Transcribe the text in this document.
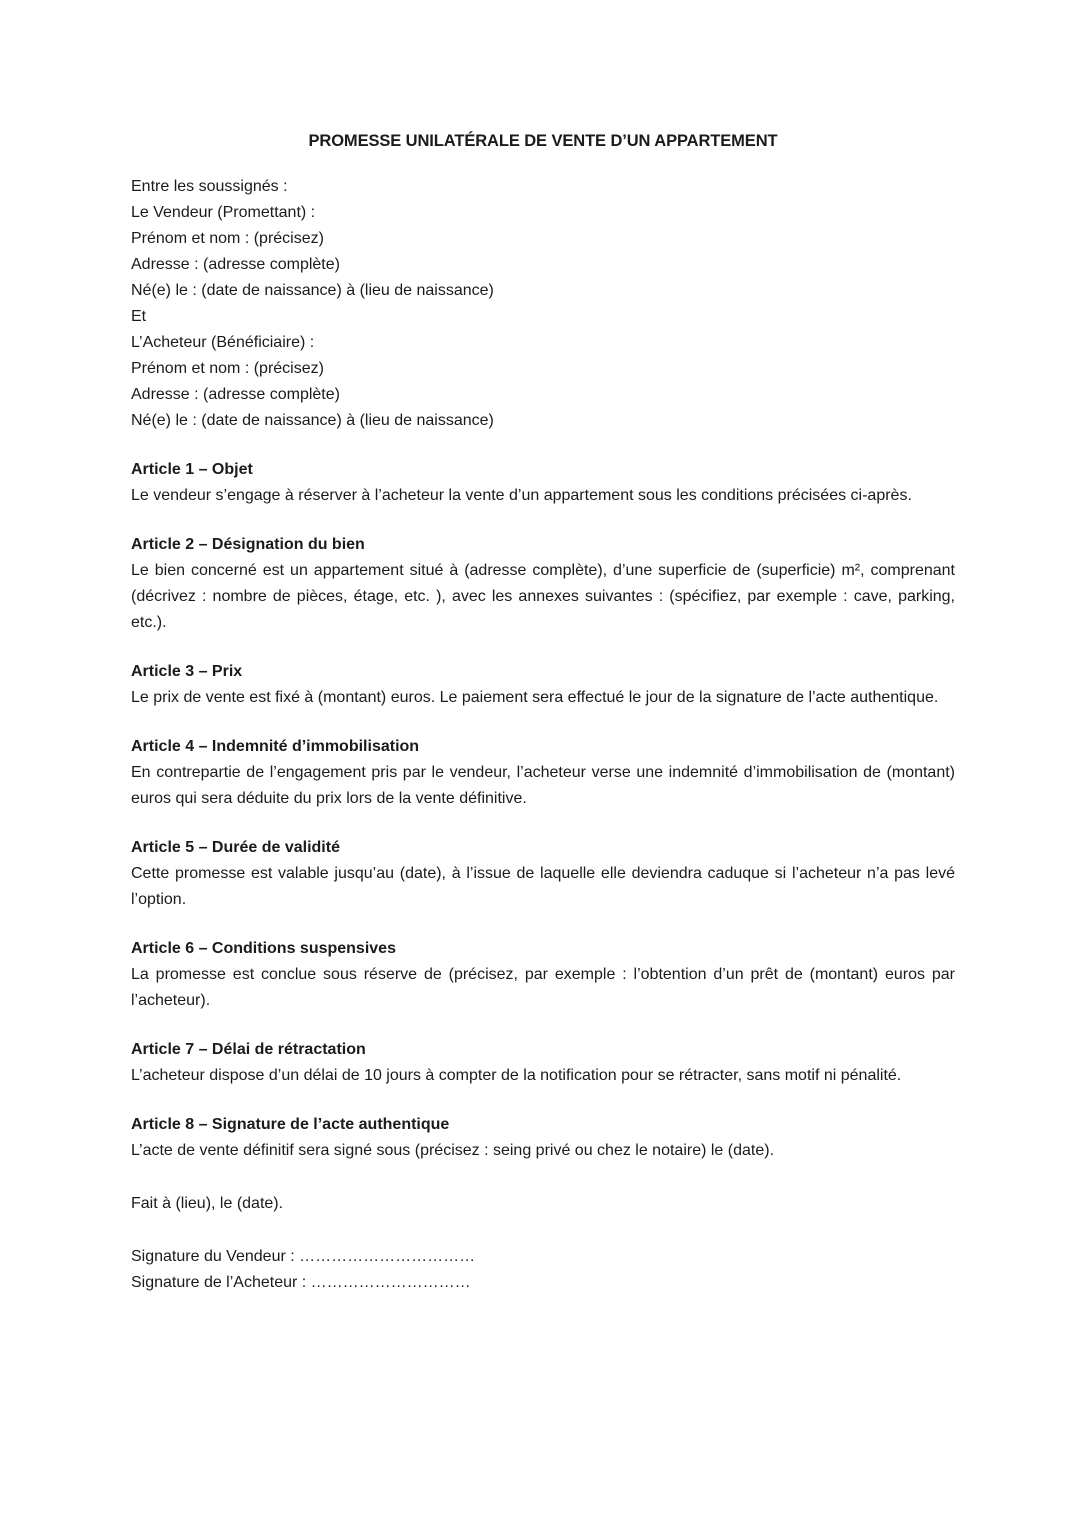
PROMESSE UNILATÉRALE DE VENTE D’UN APPARTEMENT

Entre les soussignés :

Le Vendeur (Promettant) :

Prénom et nom : (précisez)

Adresse : (adresse complète)

Né(e) le : (date de naissance) à (lieu de naissance)

Et

L’Acheteur (Bénéficiaire) :

Prénom et nom : (précisez)

Adresse : (adresse complète)

Né(e) le : (date de naissance) à (lieu de naissance)

Article 1 – Objet

Le vendeur s’engage à réserver à l’acheteur la vente d’un appartement sous les conditions précisées ci-après.

Article 2 – Désignation du bien

Le bien concerné est un appartement situé à (adresse complète), d’une superficie de (superficie) m², comprenant (décrivez : nombre de pièces, étage, etc. ), avec les annexes suivantes : (spécifiez, par exemple : cave, parking, etc.).

Article 3 – Prix

Le prix de vente est fixé à (montant) euros. Le paiement sera effectué le jour de la signature de l’acte authentique.

Article 4 – Indemnité d’immobilisation

En contrepartie de l’engagement pris par le vendeur, l’acheteur verse une indemnité d’immobilisation de (montant) euros qui sera déduite du prix lors de la vente définitive.

Article 5 – Durée de validité

Cette promesse est valable jusqu’au (date), à l’issue de laquelle elle deviendra caduque si l’acheteur n’a pas levé l’option.

Article 6 – Conditions suspensives

La promesse est conclue sous réserve de (précisez, par exemple : l’obtention d’un prêt de (montant) euros par l’acheteur).

Article 7 – Délai de rétractation

L’acheteur dispose d’un délai de 10 jours à compter de la notification pour se rétracter, sans motif ni pénalité.

Article 8 – Signature de l’acte authentique

L’acte de vente définitif sera signé sous (précisez : seing privé ou chez le notaire) le (date).

Fait à (lieu), le (date).

Signature du Vendeur : ……………………………

Signature de l’Acheteur : …………………………
